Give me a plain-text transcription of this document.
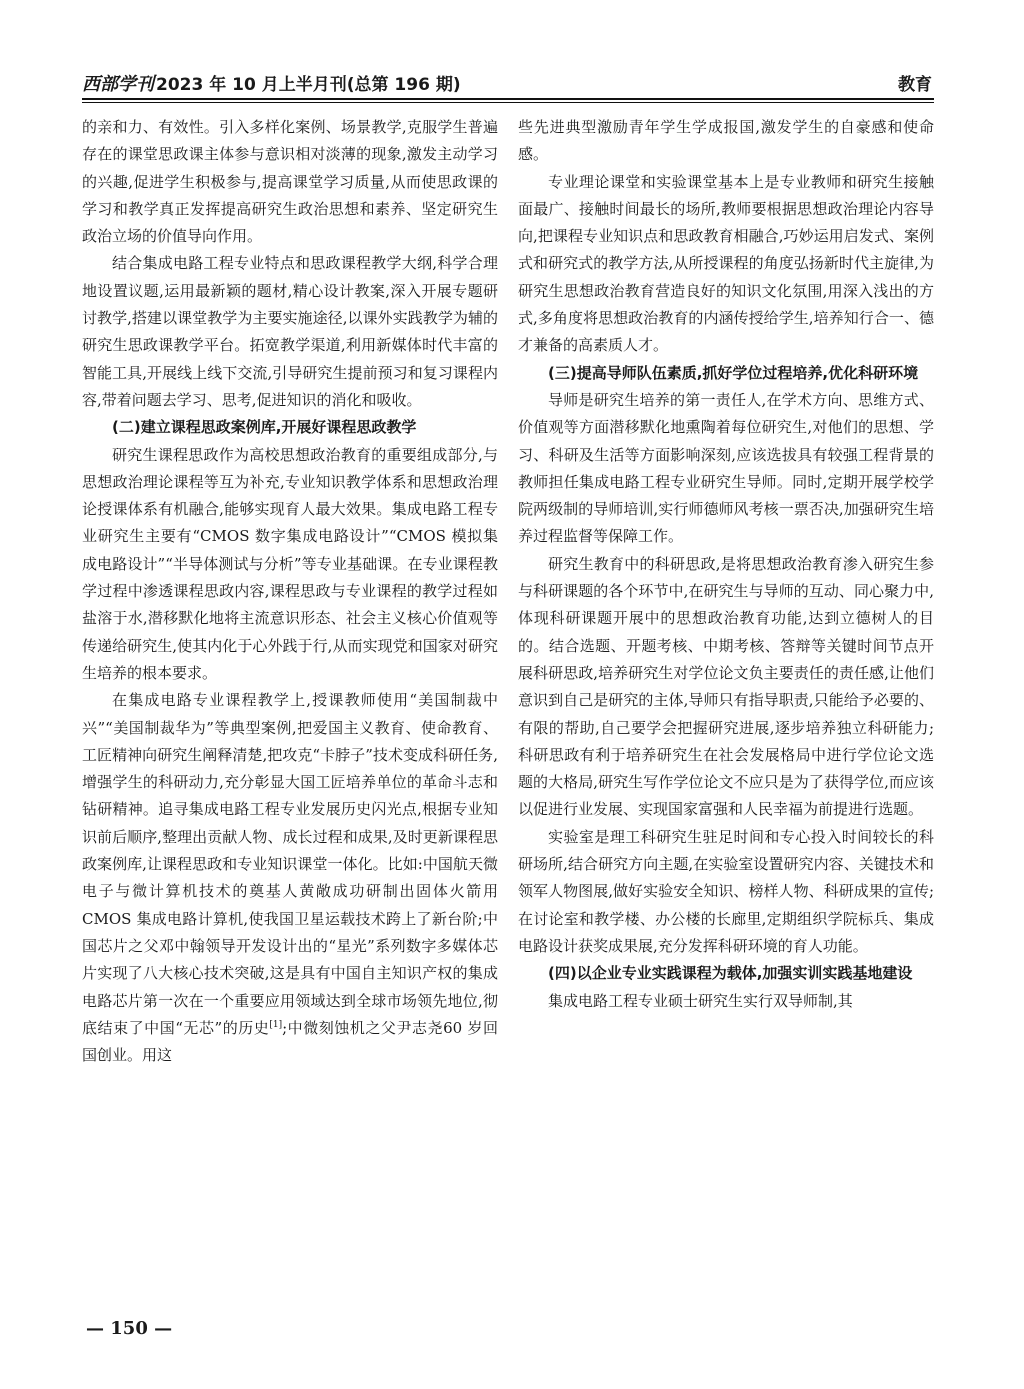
西部学刊 2023 年 10 月上半月刊(总第 196 期)	教育

的亲和力、有效性。引入多样化案例、场景教学,克服学生普遍存在的课堂思政课主体参与意识相对淡薄的现象,激发主动学习的兴趣,促进学生积极参与,提高课堂学习质量,从而使思政课的学习和教学真正发挥提高研究生政治思想和素养、坚定研究生政治立场的价值导向作用。

结合集成电路工程专业特点和思政课程教学大纲,科学合理地设置议题,运用最新颖的题材,精心设计教案,深入开展专题研讨教学,搭建以课堂教学为主要实施途径,以课外实践教学为辅的研究生思政课教学平台。拓宽教学渠道,利用新媒体时代丰富的智能工具,开展线上线下交流,引导研究生提前预习和复习课程内容,带着问题去学习、思考,促进知识的消化和吸收。

(二)建立课程思政案例库,开展好课程思政教学

研究生课程思政作为高校思想政治教育的重要组成部分,与思想政治理论课程等互为补充,专业知识教学体系和思想政治理论授课体系有机融合,能够实现育人最大效果。集成电路工程专业研究生主要有“CMOS 数字集成电路设计”“CMOS 模拟集成电路设计”“半导体测试与分析”等专业基础课。在专业课程教学过程中渗透课程思政内容,课程思政与专业课程的教学过程如盐溶于水,潜移默化地将主流意识形态、社会主义核心价值观等传递给研究生,使其内化于心外践于行,从而实现党和国家对研究生培养的根本要求。

在集成电路专业课程教学上,授课教师使用“美国制裁中兴”“美国制裁华为”等典型案例,把爱国主义教育、使命教育、工匠精神向研究生阐释清楚,把攻克“卡脖子”技术变成科研任务,增强学生的科研动力,充分彰显大国工匠培养单位的革命斗志和钻研精神。追寻集成电路工程专业发展历史闪光点,根据专业知识前后顺序,整理出贡献人物、成长过程和成果,及时更新课程思政案例库,让课程思政和专业知识课堂一体化。比如:中国航天微电子与微计算机技术的奠基人黄敞成功研制出固体火箭用 CMOS 集成电路计算机,使我国卫星运载技术跨上了新台阶;中国芯片之父邓中翰领导开发设计出的“星光”系列数字多媒体芯片实现了八大核心技术突破,这是具有中国自主知识产权的集成电路芯片第一次在一个重要应用领域达到全球市场领先地位,彻底结束了中国“无芯”的历史[1];中微刻蚀机之父尹志尧60 岁回国创业。用这

些先进典型激励青年学生学成报国,激发学生的自豪感和使命感。

专业理论课堂和实验课堂基本上是专业教师和研究生接触面最广、接触时间最长的场所,教师要根据思想政治理论内容导向,把课程专业知识点和思政教育相融合,巧妙运用启发式、案例式和研究式的教学方法,从所授课程的角度弘扬新时代主旋律,为研究生思想政治教育营造良好的知识文化氛围,用深入浅出的方式,多角度将思想政治教育的内涵传授给学生,培养知行合一、德才兼备的高素质人才。

(三)提高导师队伍素质,抓好学位过程培养,优化科研环境

导师是研究生培养的第一责任人,在学术方向、思维方式、价值观等方面潜移默化地熏陶着每位研究生,对他们的思想、学习、科研及生活等方面影响深刻,应该选拔具有较强工程背景的教师担任集成电路工程专业研究生导师。同时,定期开展学校学院两级制的导师培训,实行师德师风考核一票否决,加强研究生培养过程监督等保障工作。

研究生教育中的科研思政,是将思想政治教育渗入研究生参与科研课题的各个环节中,在研究生与导师的互动、同心聚力中,体现科研课题开展中的思想政治教育功能,达到立德树人的目的。结合选题、开题考核、中期考核、答辩等关键时间节点开展科研思政,培养研究生对学位论文负主要责任的责任感,让他们意识到自己是研究的主体,导师只有指导职责,只能给予必要的、有限的帮助,自己要学会把握研究进展,逐步培养独立科研能力;科研思政有利于培养研究生在社会发展格局中进行学位论文选题的大格局,研究生写作学位论文不应只是为了获得学位,而应该以促进行业发展、实现国家富强和人民幸福为前提进行选题。

实验室是理工科研究生驻足时间和专心投入时间较长的科研场所,结合研究方向主题,在实验室设置研究内容、关键技术和领军人物图展,做好实验安全知识、榜样人物、科研成果的宣传;在讨论室和教学楼、办公楼的长廊里,定期组织学院标兵、集成电路设计获奖成果展,充分发挥科研环境的育人功能。

(四)以企业专业实践课程为载体,加强实训实践基地建设

集成电路工程专业硕士研究生实行双导师制,其

— 150 —
